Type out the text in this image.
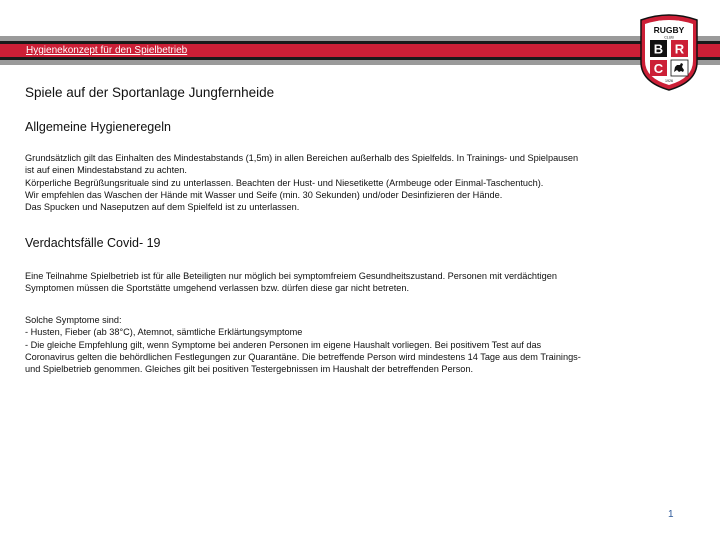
Hygienekonzept für den Spielbetrieb
BERLINER
RUGBY
CLUB
B R
C
1926
Spiele auf der Sportanlage Jungfernheide
Allgemeine Hygieneregeln
Grundsätzlich gilt das Einhalten des Mindestabstands (1,5m) in allen Bereichen außerhalb des Spielfelds. In Trainings- und Spielpausen
ist auf einen Mindestabstand zu achten.
Körperliche Begrüßungsrituale sind zu unterlassen. Beachten der Hust- und Niesetikette (Armbeuge oder Einmal-Taschentuch).
Wir empfehlen das Waschen der Hände mit Wasser und Seife (min. 30 Sekunden) und/oder Desinfizieren der Hände.
Das Spucken und Naseputzen auf dem Spielfeld ist zu unterlassen.
Verdachtsfälle Covid- 19
Eine Teilnahme Spielbetrieb ist für alle Beteiligten nur möglich bei symptomfreiem Gesundheitszustand. Personen mit verdächtigen
Symptomen müssen die Sportstätte umgehend verlassen bzw. dürfen diese gar nicht betreten.
Solche Symptome sind:
- Husten, Fieber (ab 38°C), Atemnot, sämtliche Erklärtungsymptome
- Die gleiche Empfehlung gilt, wenn Symptome bei anderen Personen im eigene Haushalt vorliegen. Bei positivem Test auf das
Coronavirus gelten die behördlichen Festlegungen zur Quarantäne. Die betreffende Person wird mindestens 14 Tage aus dem Trainings-
und Spielbetrieb genommen. Gleiches gilt bei positiven Testergebnissen im Haushalt der betreffenden Person.
1
